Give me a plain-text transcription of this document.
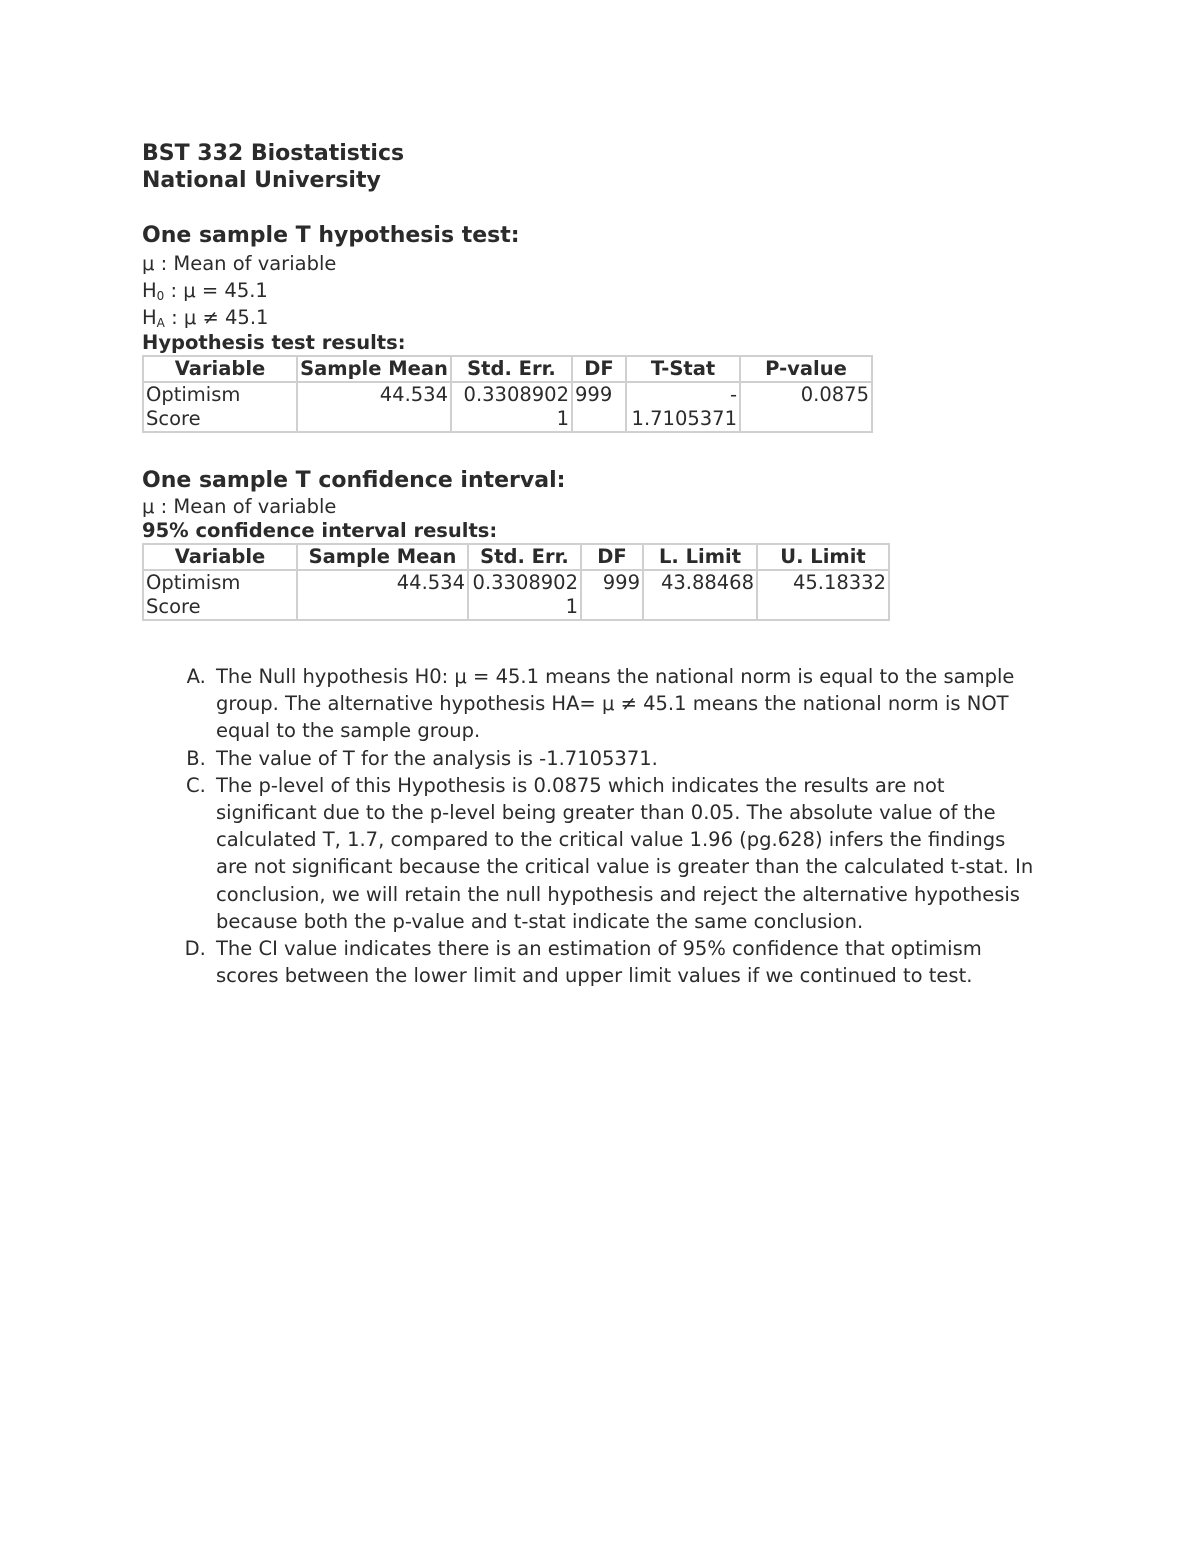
BST 332 Biostatistics

National University

One sample T hypothesis test:

μ : Mean of variable

$H_0$ : μ = 45.1

$H_A$ : μ ≠ 45.1

Hypothesis test results:

Variable	Sample Mean	Std. Err.	DF	T-Stat	P-value
Optimism Score	44.534	0.3308902 1	999	- 1.7105371	0.0875

One sample T confidence interval:

μ : Mean of variable

95% confidence interval results:

Variable	Sample Mean	Std. Err.	DF	L. Limit	U. Limit
Optimism Score	44.534	0.3308902 1	999	43.88468	45.18332
A. The Null hypothesis H0: μ = 45.1 means the national norm is equal to the sample group. The alternative hypothesis HA= μ ≠ 45.1 means the national norm is NOT equal to the sample group.
B. The value of T for the analysis is -1.7105371.
C. The p-level of this Hypothesis is 0.0875 which indicates the results are not significant due to the p-level being greater than 0.05. The absolute value of the calculated T, 1.7, compared to the critical value 1.96 (pg.628) infers the findings are not significant because the critical value is greater than the calculated t-stat. In conclusion, we will retain the null hypothesis and reject the alternative hypothesis because both the p-value and t-stat indicate the same conclusion.
D. The CI value indicates there is an estimation of 95% confidence that optimism scores between the lower limit and upper limit values if we continued to test.
